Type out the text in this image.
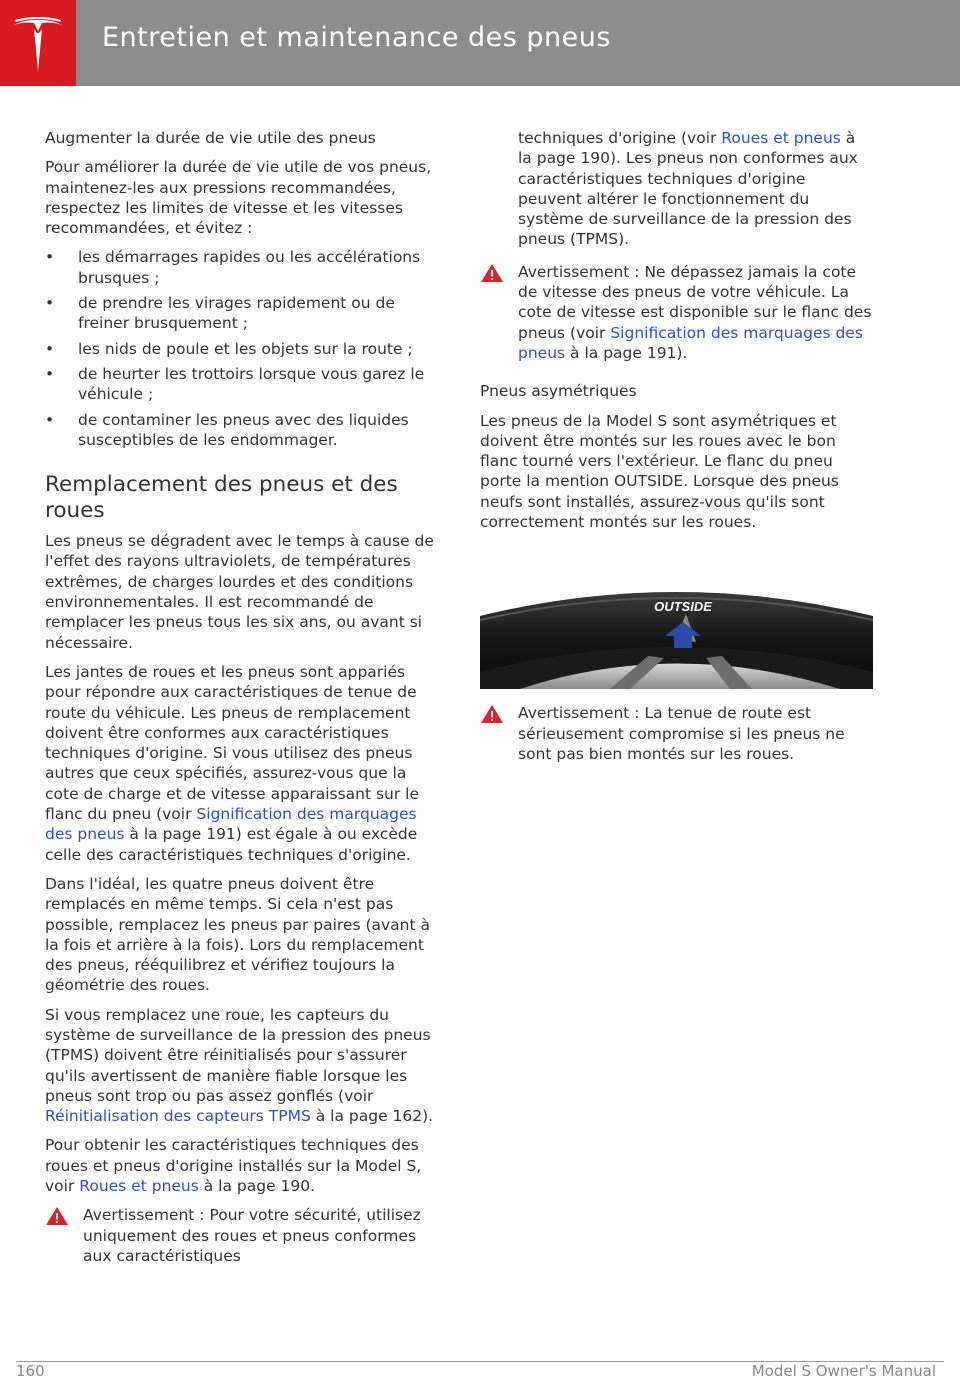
Entretien et maintenance des pneus

Augmenter la durée de vie utile des pneus

Pour améliorer la durée de vie utile de vos pneus, maintenez-les aux pressions recommandées, respectez les limites de vitesse et les vitesses recommandées, et évitez :

• les démarrages rapides ou les accélérations brusques ;
• de prendre les virages rapidement ou de freiner brusquement ;
• les nids de poule et les objets sur la route ;
• de heurter les trottoirs lorsque vous garez le véhicule ;
• de contaminer les pneus avec des liquides susceptibles de les endommager.
Remplacement des pneus et des roues

Les pneus se dégradent avec le temps à cause de l'effet des rayons ultraviolets, de températures extrêmes, de charges lourdes et des conditions environnementales. Il est recommandé de remplacer les pneus tous les six ans, ou avant si nécessaire.

Les jantes de roues et les pneus sont appariés pour répondre aux caractéristiques de tenue de route du véhicule. Les pneus de remplacement doivent être conformes aux caractéristiques techniques d'origine. Si vous utilisez des pneus autres que ceux spécifiés, assurez-vous que la cote de charge et de vitesse apparaissant sur le flanc du pneu (voir Signification des marquages des pneus à la page 191) est égale à ou excède celle des caractéristiques techniques d'origine.

Dans l'idéal, les quatre pneus doivent être remplacés en même temps. Si cela n'est pas possible, remplacez les pneus par paires (avant à la fois et arrière à la fois). Lors du remplacement des pneus, rééquilibrez et vérifiez toujours la géométrie des roues.

Si vous remplacez une roue, les capteurs du système de surveillance de la pression des pneus (TPMS) doivent être réinitialisés pour s'assurer qu'ils avertissent de manière fiable lorsque les pneus sont trop ou pas assez gonflés (voir Réinitialisation des capteurs TPMS à la page 162).

Pour obtenir les caractéristiques techniques des roues et pneus d'origine installés sur la Model S, voir Roues et pneus à la page 190.

Avertissement : Pour votre sécurité, utilisez uniquement des roues et pneus conformes aux caractéristiques

techniques d'origine (voir Roues et pneus à la page 190). Les pneus non conformes aux caractéristiques techniques d'origine peuvent altérer le fonctionnement du système de surveillance de la pression des pneus (TPMS).

Avertissement : Ne dépassez jamais la cote de vitesse des pneus de votre véhicule. La cote de vitesse est disponible sur le flanc des pneus (voir Signification des marquages des pneus à la page 191).

Pneus asymétriques

Les pneus de la Model S sont asymétriques et doivent être montés sur les roues avec le bon flanc tourné vers l'extérieur. Le flanc du pneu porte la mention OUTSIDE. Lorsque des pneus neufs sont installés, assurez-vous qu'ils sont correctement montés sur les roues.

OUTSIDE
Avertissement : La tenue de route est sérieusement compromise si les pneus ne sont pas bien montés sur les roues.
160	Model S Owner's Manual
